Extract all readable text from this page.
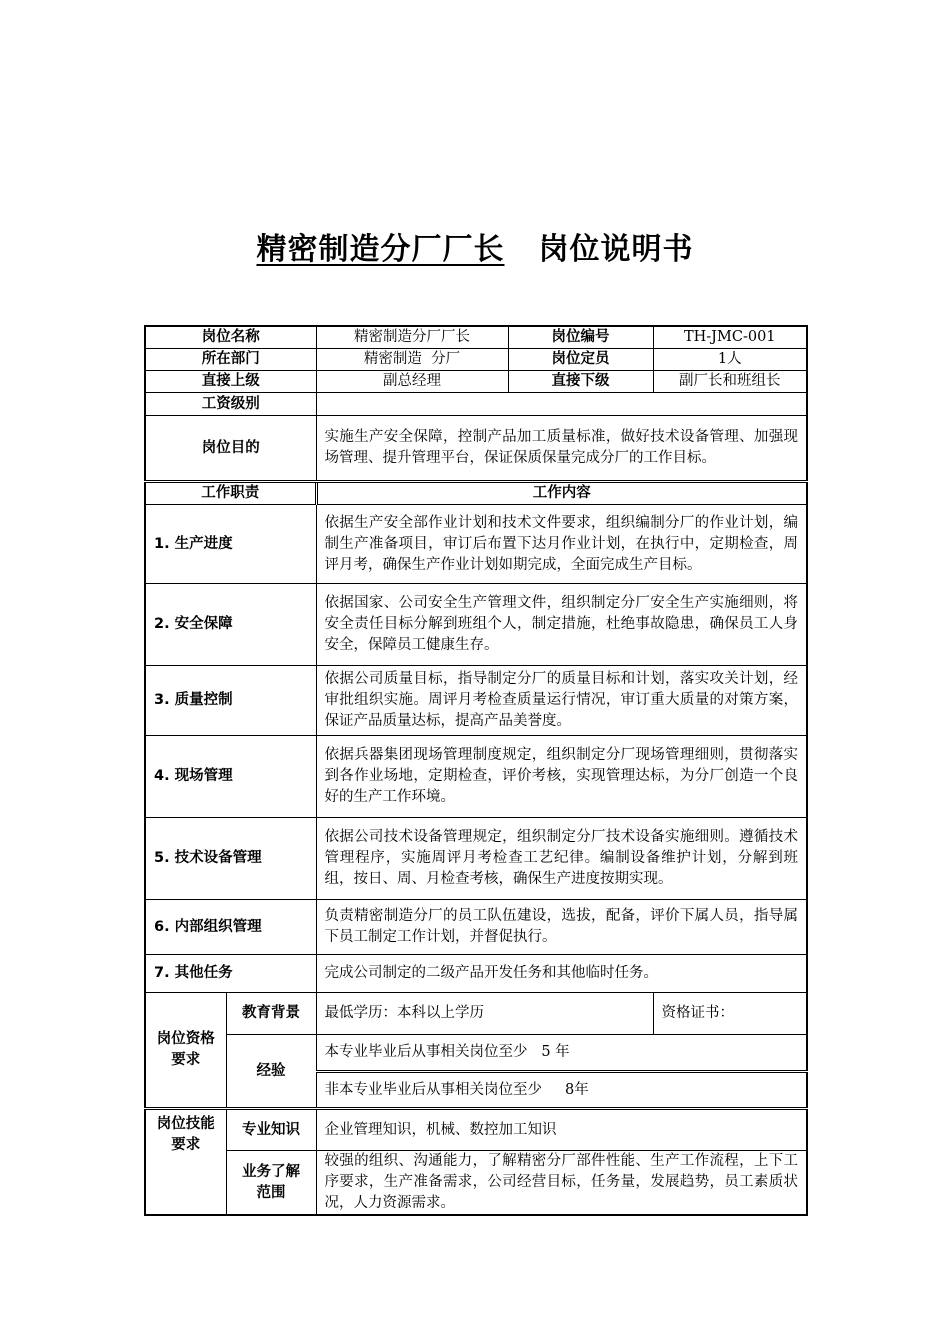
精密制造分厂厂长 岗位说明书
岗位名称		精密制造分厂厂长	岗位编号	TH-JMC-001
所在部门		精密制造  分厂	岗位定员	1人
直接上级		副总经理	直接下级	副厂长和班组长
工资级别				
岗位目的		实施生产安全保障，控制产品加工质量标准，做好技术设备管理、加强现场管理、提升管理平台，保证保质保量完成分厂的工作目标。		
工作职责		工作内容		
1. 生产进度		依据生产安全部作业计划和技术文件要求，组织编制分厂的作业计划，编制生产准备项目，审订后布置下达月作业计划，在执行中，定期检查，周评月考，确保生产作业计划如期完成，全面完成生产目标。		
2. 安全保障		依据国家、公司安全生产管理文件，组织制定分厂安全生产实施细则，将安全责任目标分解到班组个人，制定措施，杜绝事故隐患，确保员工人身安全，保障员工健康生存。		
3. 质量控制		依据公司质量目标，指导制定分厂的质量目标和计划，落实攻关计划，经审批组织实施。周评月考检查质量运行情况，审订重大质量的对策方案，保证产品质量达标，提高产品美誉度。		
4. 现场管理		依据兵器集团现场管理制度规定，组织制定分厂现场管理细则，贯彻落实到各作业场地，定期检查，评价考核，实现管理达标，为分厂创造一个良好的生产工作环境。		
5. 技术设备管理		依据公司技术设备管理规定，组织制定分厂技术设备实施细则。遵循技术管理程序，实施周评月考检查工艺纪律。编制设备维护计划，分解到班组，按日、周、月检查考核，确保生产进度按期实现。		
6. 内部组织管理		负责精密制造分厂的员工队伍建设，选拔，配备，评价下属人员，指导属下员工制定工作计划，并督促执行。		
7. 其他任务		完成公司制定的二级产品开发任务和其他临时任务。		
岗位资格要求	教育背景	最低学历：本科以上学历		资格证书：
	经验	本专业毕业后从事相关岗位至少   5 年		
		非本专业毕业后从事相关岗位至少     8年		
岗位技能要求	专业知识	企业管理知识，机械、数控加工知识		
	业务了解范围	较强的组织、沟通能力，了解精密分厂部件性能、生产工作流程，上下工序要求，生产准备需求，公司经营目标，任务量，发展趋势，员工素质状况，人力资源需求。		
